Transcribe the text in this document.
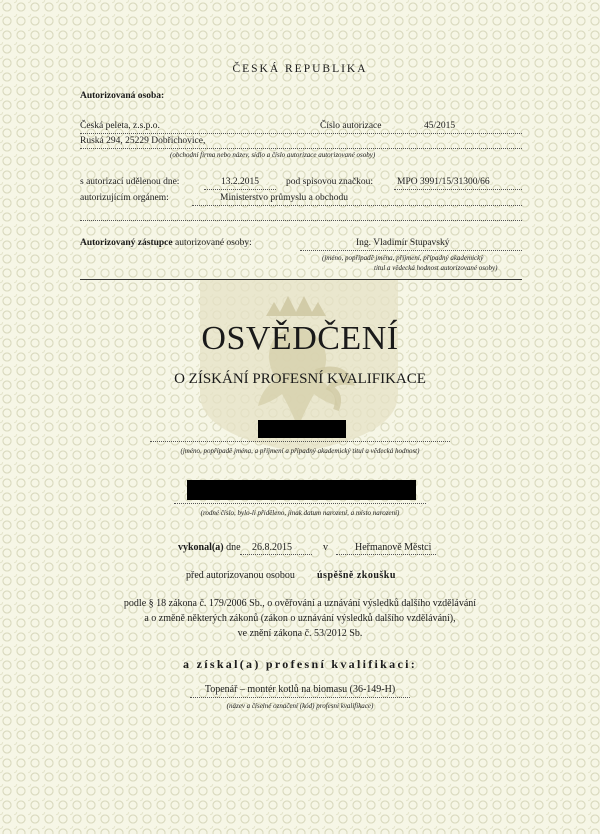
ČESKÁ REPUBLIKA
Autorizovaná osoba:
Česká peleta, z.s.p.o.	Číslo autorizace	45/2015
Ruská 294, 25229 Dobřichovice,
(obchodní firma nebo název, sídlo a číslo autorizace autorizované osoby)
s autorizací udělenou dne:	13.2.2015	pod spisovou značkou:	MPO 3991/15/31300/66
autorizujícím orgánem:	Ministerstvo průmyslu a obchodu
Autorizovaný zástupce autorizované osoby:	Ing. Vladimír Stupavský
(jméno, popřípadě jména, příjmení, případný akademický
titul a vědecká hodnost autorizované osoby)
OSVĚDČENÍ
O ZÍSKÁNÍ PROFESNÍ KVALIFIKACE
(jméno, popřípadě jména, a příjmení a případný akademický titul a vědecká hodnost)
(rodné číslo, bylo-li přiděleno, jinak datum narození, a místo narození)
vykonal(a) dne 26.8.2015	v	Heřmanově Městci
před autorizovanou osobou úspěšně zkoušku
podle § 18 zákona č. 179/2006 Sb., o ověřování a uznávání výsledků dalšího vzdělávání
a o změně některých zákonů (zákon o uznávání výsledků dalšího vzdělávání),
ve znění zákona č. 53/2012 Sb.
a získal(a) profesní kvalifikaci:
Topenář – montér kotlů na biomasu (36-149-H)
(název a číselné označení (kód) profesní kvalifikace)
